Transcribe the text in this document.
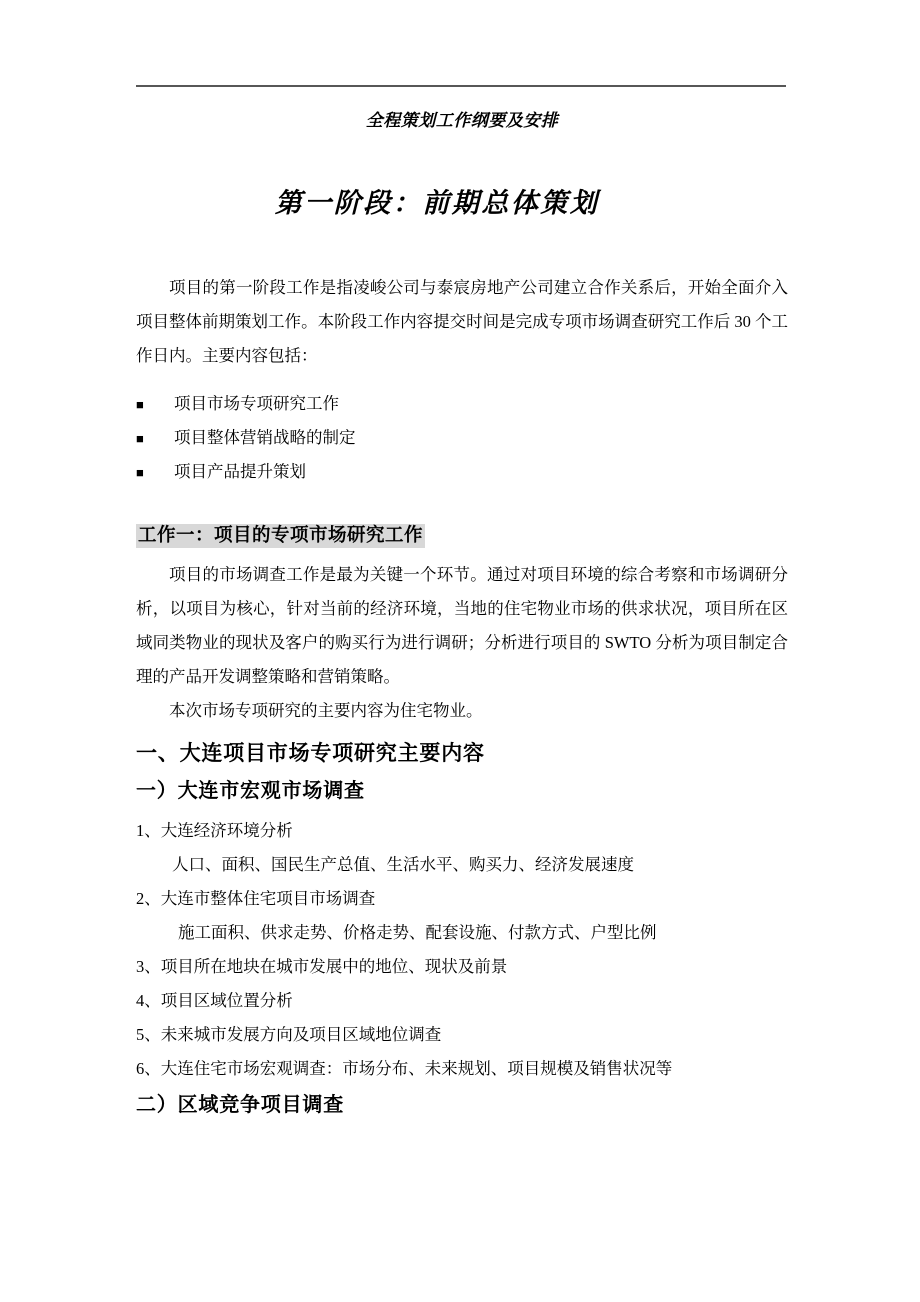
全程策划工作纲要及安排
第一阶段：前期总体策划

项目的第一阶段工作是指凌峻公司与泰宸房地产公司建立合作关系后，开始全面介入项目整体前期策划工作。本阶段工作内容提交时间是完成专项市场调查研究工作后 30 个工作日内。主要内容包括：

■	项目市场专项研究工作
■	项目整体营销战略的制定
■	项目产品提升策划
工作一：项目的专项市场研究工作

项目的市场调查工作是最为关键一个环节。通过对项目环境的综合考察和市场调研分析，以项目为核心，针对当前的经济环境，当地的住宅物业市场的供求状况，项目所在区域同类物业的现状及客户的购买行为进行调研；分析进行项目的 SWTO 分析为项目制定合理的产品开发调整策略和营销策略。

本次市场专项研究的主要内容为住宅物业。

一、大连项目市场专项研究主要内容
一）大连市宏观市场调查
1、大连经济环境分析
人口、面积、国民生产总值、生活水平、购买力、经济发展速度
2、大连市整体住宅项目市场调查
施工面积、供求走势、价格走势、配套设施、付款方式、户型比例
3、项目所在地块在城市发展中的地位、现状及前景
4、项目区域位置分析
5、未来城市发展方向及项目区域地位调查
6、大连住宅市场宏观调查：市场分布、未来规划、项目规模及销售状况等
二）区域竞争项目调查
